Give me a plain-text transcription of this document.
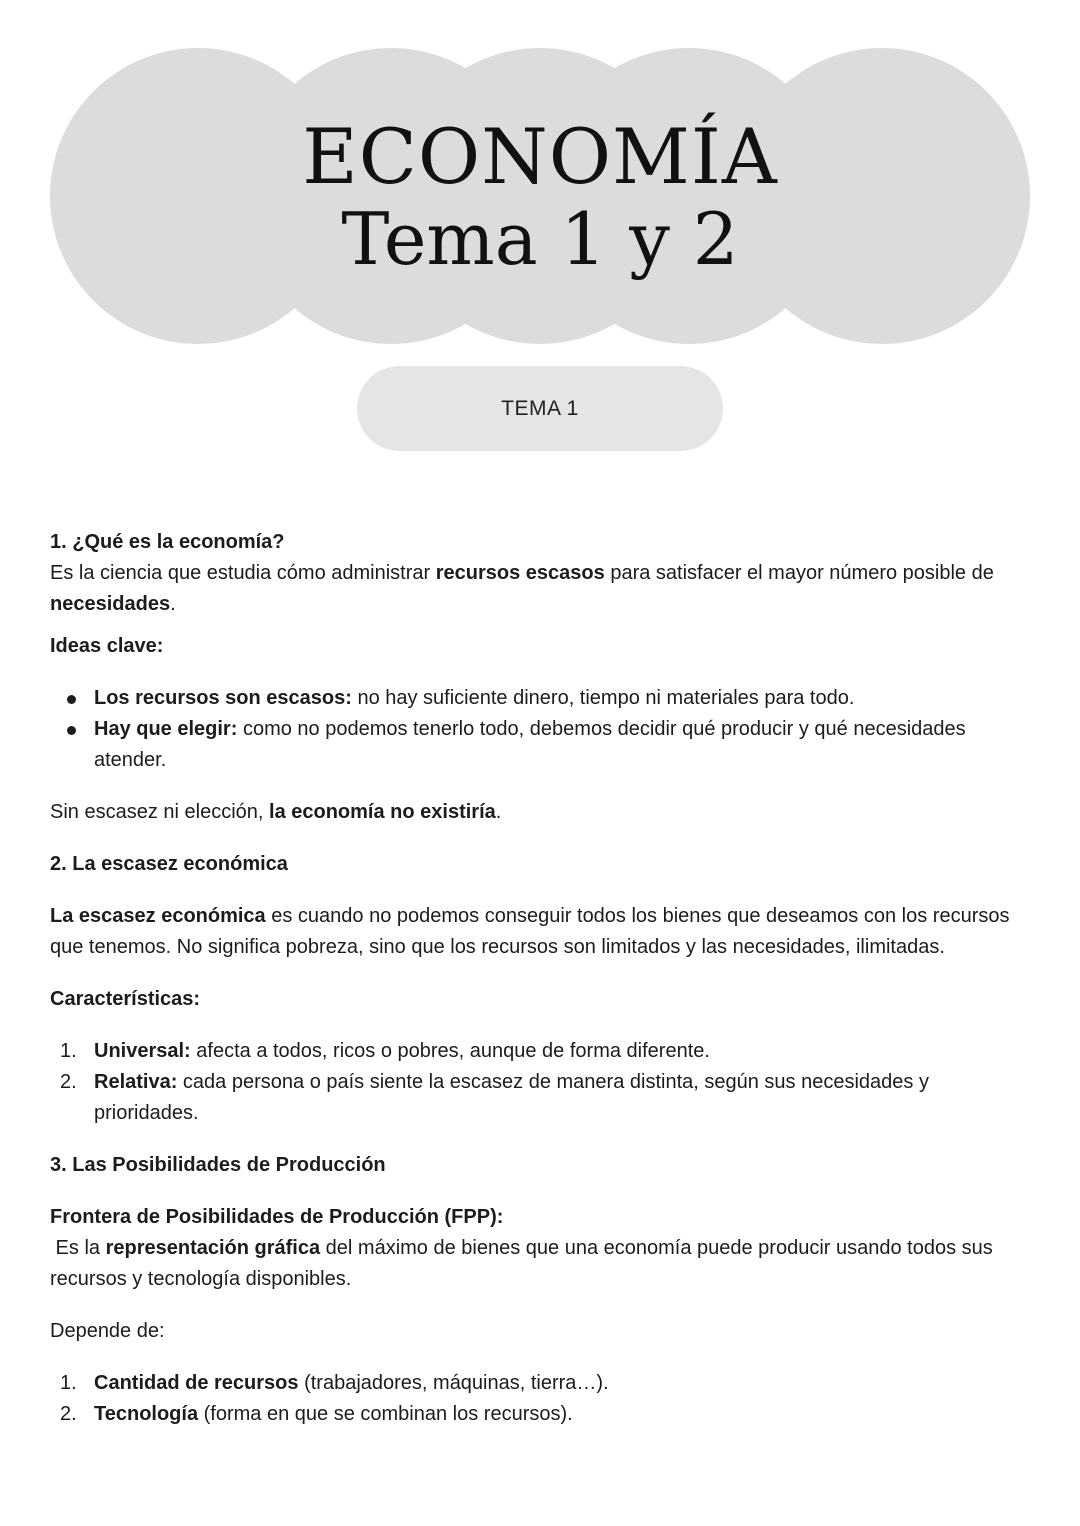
ECONOMÍA
Tema 1 y 2
TEMA 1
1. ¿Qué es la economía?

Es la ciencia que estudia cómo administrar recursos escasos para satisfacer el mayor número posible de necesidades.

Ideas clave:
Los recursos son escasos: no hay suficiente dinero, tiempo ni materiales para todo.
Hay que elegir: como no podemos tenerlo todo, debemos decidir qué producir y qué necesidades atender.

Sin escasez ni elección, la economía no existiría.

2. La escasez económica

La escasez económica es cuando no podemos conseguir todos los bienes que deseamos con los recursos que tenemos. No significa pobreza, sino que los recursos son limitados y las necesidades, ilimitadas.

Características:
1. Universal: afecta a todos, ricos o pobres, aunque de forma diferente.
2. Relativa: cada persona o país siente la escasez de manera distinta, según sus necesidades y prioridades.
3. Las Posibilidades de Producción
Frontera de Posibilidades de Producción (FPP):

Es la representación gráfica del máximo de bienes que una economía puede producir usando todos sus recursos y tecnología disponibles.

Depende de:

1. Cantidad de recursos (trabajadores, máquinas, tierra…).
2. Tecnología (forma en que se combinan los recursos).
